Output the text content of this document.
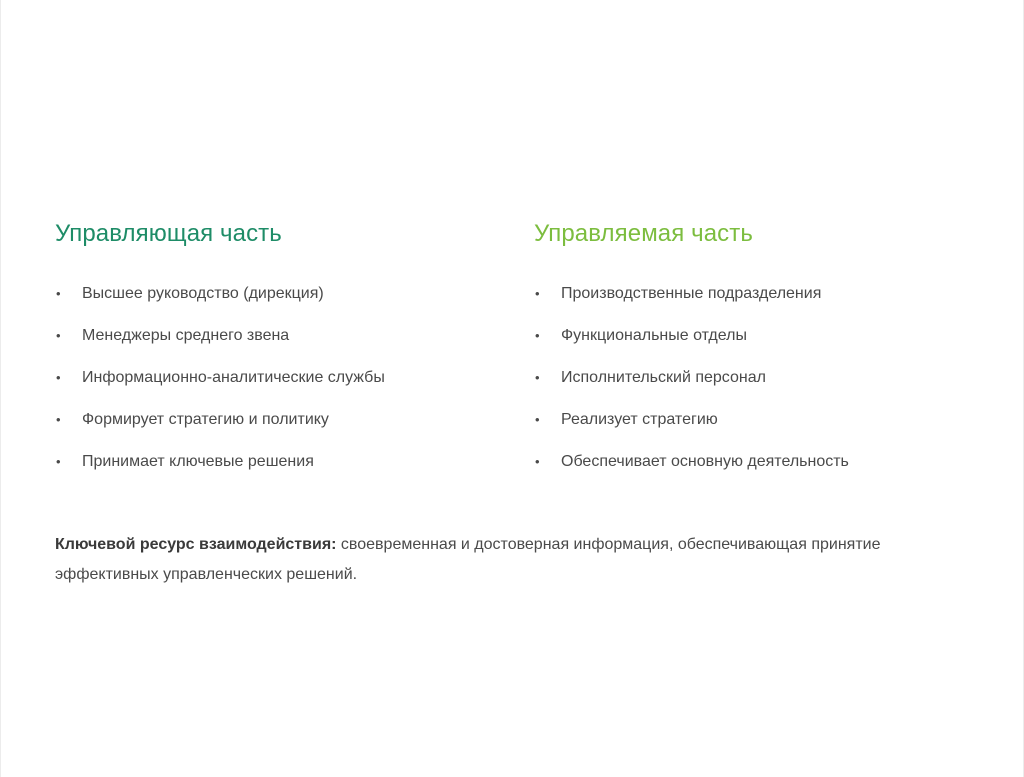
Управляющая часть
• Высшее руководство (дирекция)
• Менеджеры среднего звена
• Информационно-аналитические службы
• Формирует стратегию и политику
• Принимает ключевые решения
Управляемая часть
• Производственные подразделения
• Функциональные отделы
• Исполнительский персонал
• Реализует стратегию
• Обеспечивает основную деятельность

Ключевой ресурс взаимодействия: своевременная и достоверная информация, обеспечивающая принятие эффективных управленческих решений.
